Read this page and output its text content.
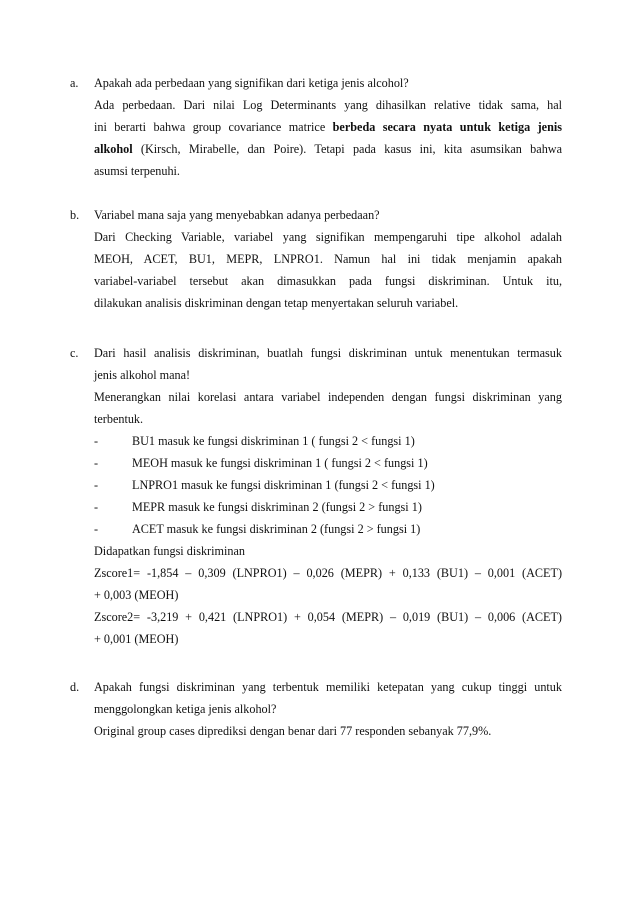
a. Apakah ada perbedaan yang signifikan dari ketiga jenis alcohol?
Ada perbedaan. Dari nilai Log Determinants yang dihasilkan relative tidak sama, hal
ini berarti bahwa group covariance matrice berbeda secara nyata untuk ketiga jenis
alkohol (Kirsch, Mirabelle, dan Poire). Tetapi pada kasus ini, kita asumsikan bahwa
asumsi terpenuhi.
b. Variabel mana saja yang menyebabkan adanya perbedaan?
Dari Checking Variable, variabel yang signifikan mempengaruhi tipe alkohol adalah
MEOH, ACET, BU1, MEPR, LNPRO1. Namun hal ini tidak menjamin apakah
variabel-variabel tersebut akan dimasukkan pada fungsi diskriminan. Untuk itu,
dilakukan analisis diskriminan dengan tetap menyertakan seluruh variabel.
c. Dari hasil analisis diskriminan, buatlah fungsi diskriminan untuk menentukan termasuk
jenis alkohol mana!
Menerangkan nilai korelasi antara variabel independen dengan fungsi diskriminan yang
terbentuk.
-	BU1 masuk ke fungsi diskriminan 1 ( fungsi 2 < fungsi 1)
-	MEOH masuk ke fungsi diskriminan 1 ( fungsi 2 < fungsi 1)
-	LNPRO1 masuk ke fungsi diskriminan 1 (fungsi 2 < fungsi 1)
-	MEPR masuk ke fungsi diskriminan 2 (fungsi 2 > fungsi 1)
-	ACET masuk ke fungsi diskriminan 2 (fungsi 2 > fungsi 1)
Didapatkan fungsi diskriminan
Zscore1= -1,854 – 0,309 (LNPRO1) – 0,026 (MEPR) + 0,133 (BU1) – 0,001 (ACET)
+ 0,003 (MEOH)
Zscore2= -3,219 + 0,421 (LNPRO1) + 0,054 (MEPR) – 0,019 (BU1) – 0,006 (ACET)
+ 0,001 (MEOH)
d. Apakah fungsi diskriminan yang terbentuk memiliki ketepatan yang cukup tinggi untuk
menggolongkan ketiga jenis alkohol?
Original group cases diprediksi dengan benar dari 77 responden sebanyak 77,9%.
